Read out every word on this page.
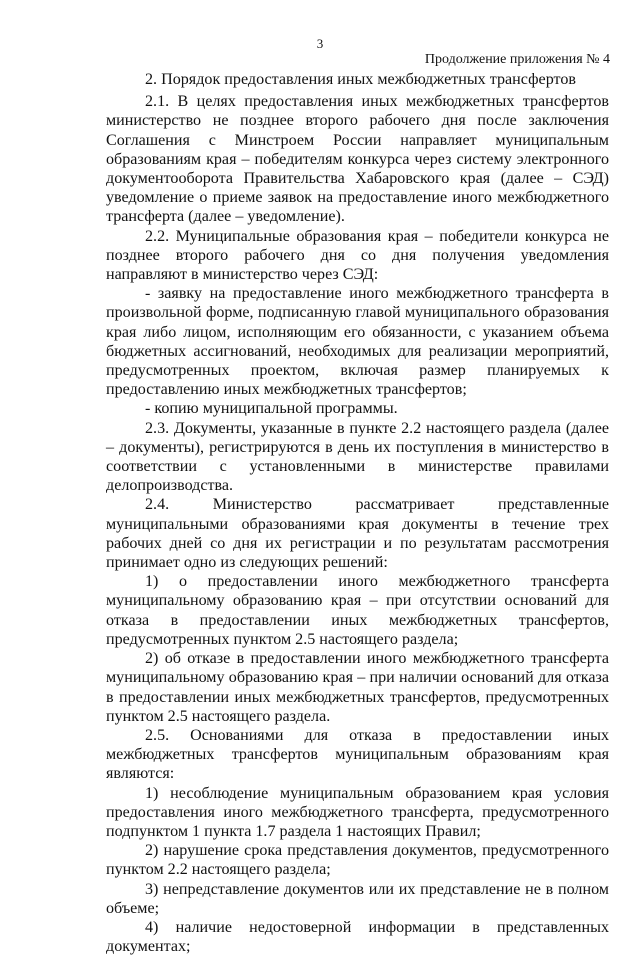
3
Продолжение приложения № 4

2. Порядок предоставления иных межбюджетных трансфертов

2.1. В целях предоставления иных межбюджетных трансфертов министерство не позднее второго рабочего дня после заключения Соглашения с Минстроем России направляет муниципальным образованиям края – победителям конкурса через систему электронного документооборота Правительства Хабаровского края (далее – СЭД) уведомление о приеме заявок на предоставление иного межбюджетного трансферта (далее – уведомление).

2.2. Муниципальные образования края – победители конкурса не позднее второго рабочего дня со дня получения уведомления направляют в министерство через СЭД:

- заявку на предоставление иного межбюджетного трансферта в произвольной форме, подписанную главой муниципального образования края либо лицом, исполняющим его обязанности, с указанием объема бюджетных ассигнований, необходимых для реализации мероприятий, предусмотренных проектом, включая размер планируемых к предоставлению иных межбюджетных трансфертов;

- копию муниципальной программы.

2.3. Документы, указанные в пункте 2.2 настоящего раздела (далее – документы), регистрируются в день их поступления в министерство в соответствии с установленными в министерстве правилами делопроизводства.

2.4. Министерство рассматривает представленные муниципальными образованиями края документы в течение трех рабочих дней со дня их регистрации и по результатам рассмотрения принимает одно из следующих решений:

1) о предоставлении иного межбюджетного трансферта муниципальному образованию края – при отсутствии оснований для отказа в предоставлении иных межбюджетных трансфертов, предусмотренных пунктом 2.5 настоящего раздела;

2) об отказе в предоставлении иного межбюджетного трансферта муниципальному образованию края – при наличии оснований для отказа в предоставлении иных межбюджетных трансфертов, предусмотренных пунктом 2.5 настоящего раздела.

2.5. Основаниями для отказа в предоставлении иных межбюджетных трансфертов муниципальным образованиям края являются:

1) несоблюдение муниципальным образованием края условия предоставления иного межбюджетного трансферта, предусмотренного подпунктом 1 пункта 1.7 раздела 1 настоящих Правил;

2) нарушение срока представления документов, предусмотренного пунктом 2.2 настоящего раздела;

3) непредставление документов или их представление не в полном объеме;

4) наличие недостоверной информации в представленных документах;
